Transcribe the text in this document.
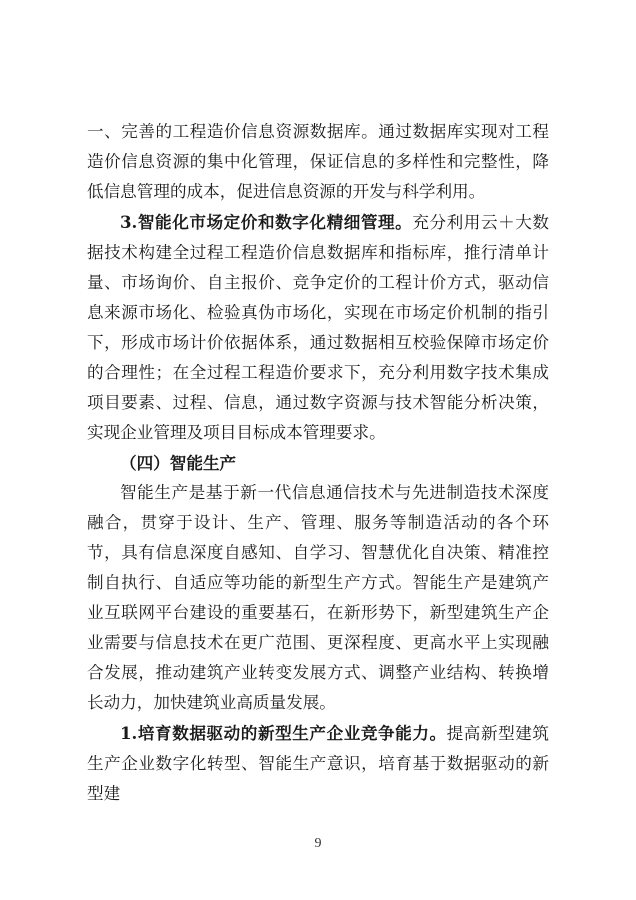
一、完善的工程造价信息资源数据库。通过数据库实现对工程造价信息资源的集中化管理，保证信息的多样性和完整性，降低信息管理的成本，促进信息资源的开发与科学利用。

3.智能化市场定价和数字化精细管理。充分利用云＋大数据技术构建全过程工程造价信息数据库和指标库，推行清单计量、市场询价、自主报价、竞争定价的工程计价方式，驱动信息来源市场化、检验真伪市场化，实现在市场定价机制的指引下，形成市场计价依据体系，通过数据相互校验保障市场定价的合理性；在全过程工程造价要求下，充分利用数字技术集成项目要素、过程、信息，通过数字资源与技术智能分析决策，实现企业管理及项目目标成本管理要求。

（四）智能生产

智能生产是基于新一代信息通信技术与先进制造技术深度融合，贯穿于设计、生产、管理、服务等制造活动的各个环节，具有信息深度自感知、自学习、智慧优化自决策、精准控制自执行、自适应等功能的新型生产方式。智能生产是建筑产业互联网平台建设的重要基石，在新形势下，新型建筑生产企业需要与信息技术在更广范围、更深程度、更高水平上实现融合发展，推动建筑产业转变发展方式、调整产业结构、转换增长动力，加快建筑业高质量发展。

1.培育数据驱动的新型生产企业竞争能力。提高新型建筑生产企业数字化转型、智能生产意识，培育基于数据驱动的新型建

9
